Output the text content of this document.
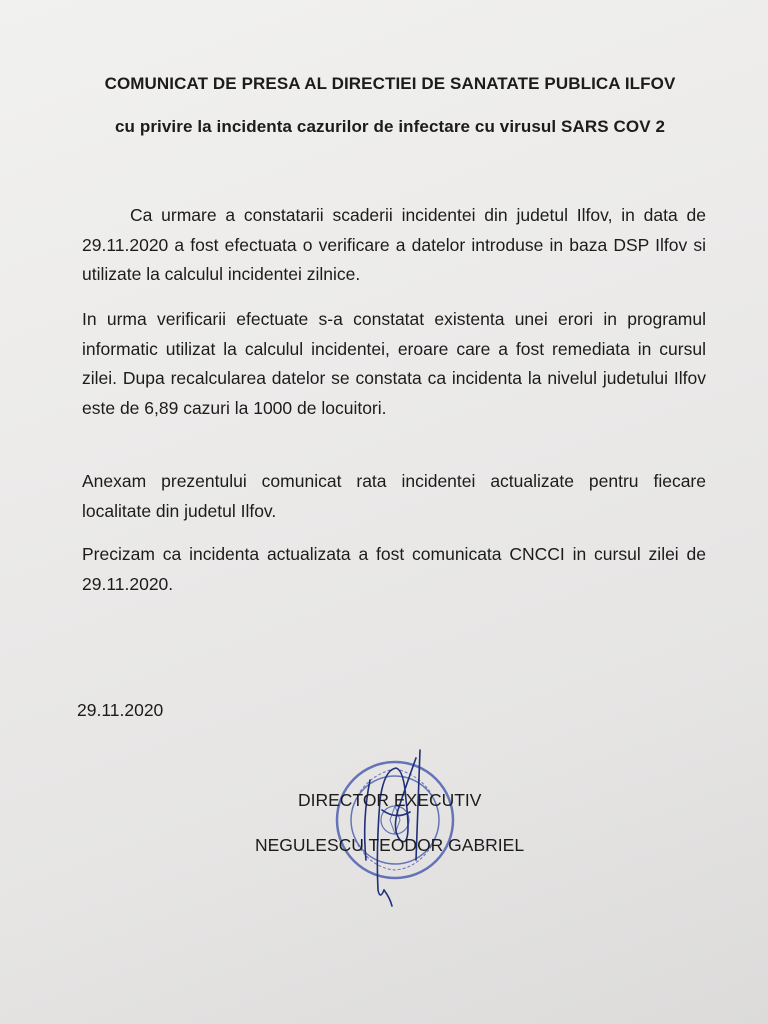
COMUNICAT DE PRESA AL DIRECTIEI DE SANATATE PUBLICA ILFOV
cu privire la incidenta cazurilor de infectare cu virusul SARS COV 2

Ca urmare a constatarii scaderii incidentei din judetul Ilfov, in data de 29.11.2020 a fost efectuata o verificare a datelor introduse in baza DSP Ilfov si utilizate la calculul incidentei zilnice.

In urma verificarii efectuate s-a constatat existenta unei erori in programul informatic utilizat la calculul incidentei, eroare care a fost remediata in cursul zilei. Dupa recalcularea datelor se constata ca incidenta la nivelul judetului Ilfov este de 6,89 cazuri la 1000 de locuitori.

Anexam prezentului comunicat rata incidentei actualizate pentru fiecare localitate din judetul Ilfov.

Precizam ca incidenta actualizata a fost comunicata CNCCI in cursul zilei de 29.11.2020.

29.11.2020
DIRECTOR EXECUTIV
NEGULESCU TEODOR GABRIEL
